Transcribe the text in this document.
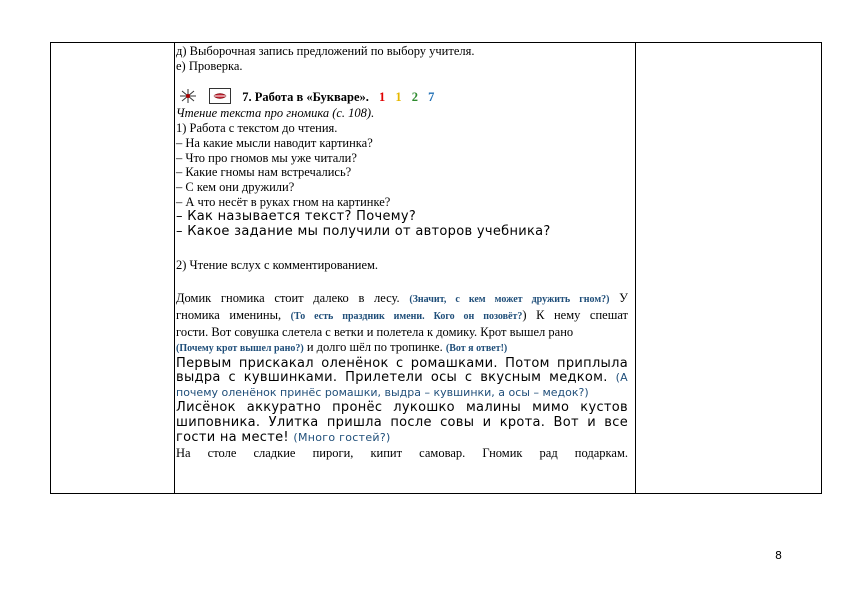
д) Выборочная запись предложений по выбору учителя.
е) Проверка.
7. Работа в «Букваре». 1 1 2 7
Чтение текста про гномика (с. 108).
1) Работа с текстом до чтения.
– На какие мысли наводит картинка?
– Что про гномов мы уже читали?
– Какие гномы нам встречались?
– С кем они дружили?
– А что несёт в руках гном на картинке?
– Как называется текст? Почему?
– Какое задание мы получили от авторов учебника?
2) Чтение вслух с комментированием.
Домик гномика стоит далеко в лесу. (Значит, с кем может дружить гном?) У
гномика именины, (То есть праздник имени. Кого он позовёт?) К нему спешат
гости. Вот совушка слетела с ветки и полетела к домику. Крот вышел рано
(Почему крот вышел рано?) и долго шёл по тропинке. (Вот я ответ!)
Первым прискакал оленёнок с ромашками. Потом приплыла
выдра с кувшинками. Прилетели осы с вкусным медком. (А
почему оленёнок принёс ромашки, выдра – кувшинки, а осы – медок?)
Лисёнок аккуратно пронёс лукошко малины мимо кустов
шиповника. Улитка пришла после совы и крота. Вот и все
гости на месте! (Много гостей?)
На столе сладкие пироги, кипит самовар. Гномик рад подаркам.
8
